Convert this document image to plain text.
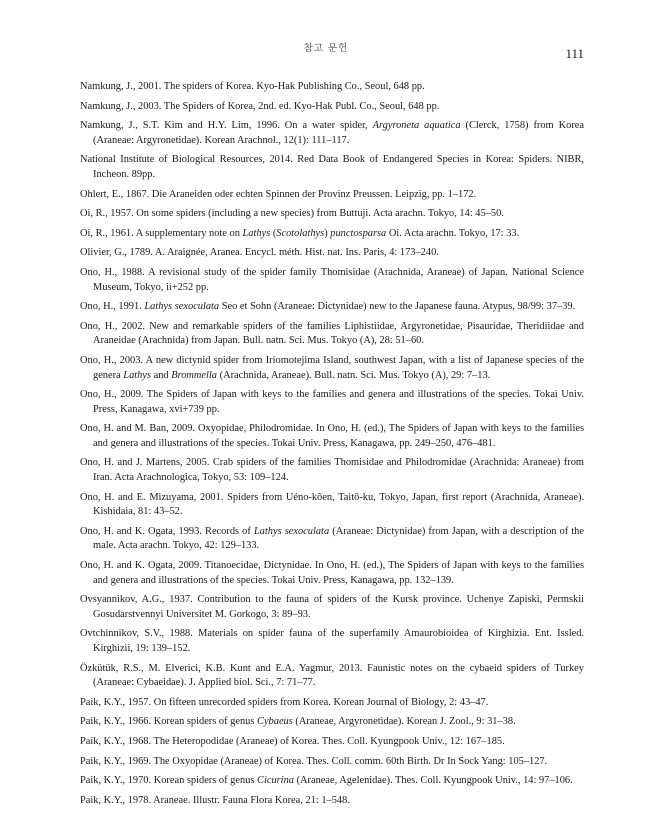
참고 문헌	111
Namkung, J., 2001. The spiders of Korea. Kyo-Hak Publishing Co., Seoul, 648 pp.
Namkung, J., 2003. The Spiders of Korea, 2nd. ed. Kyo-Hak Publ. Co., Seoul, 648 pp.
Namkung, J., S.T. Kim and H.Y. Lim, 1996. On a water spider, Argyroneta aquatica (Clerck, 1758) from Korea (Araneae: Argyronetidae). Korean Arachnol., 12(1): 111–117.
National Institute of Biological Resources, 2014. Red Data Book of Endangered Species in Korea: Spiders. NIBR, Incheon. 89pp.
Ohlert, E., 1867. Die Araneiden oder echten Spinnen der Provinz Preussen. Leipzig, pp. 1–172.
Oi, R., 1957. On some spiders (including a new species) from Buttuji. Acta arachn. Tokyo, 14: 45–50.
Oi, R., 1961. A supplementary note on Lathys (Scotolathys) punctosparsa Oi. Acta arachn. Tokyo, 17: 33.
Olivier, G., 1789. A. Araignée, Aranea. Encycl. méth. Hist. nat. Ins. Paris, 4: 173–240.
Ono, H., 1988. A revisional study of the spider family Thomisidae (Arachnida, Araneae) of Japan. National Science Museum, Tokyo, ii+252 pp.
Ono, H., 1991. Lathys sexoculata Seo et Sohn (Araneae: Dictynidae) new to the Japanese fauna. Atypus, 98/99: 37–39.
Ono, H., 2002. New and remarkable spiders of the families Liphistiidae, Argyronetidae, Pisauridae, Theridiidae and Araneidae (Arachnida) from Japan. Bull. natn. Sci. Mus. Tokyo (A), 28: 51–60.
Ono, H., 2003. A new dictynid spider from Iriomotejima Island, southwest Japan, with a list of Japanese species of the genera Lathys and Brommella (Arachnida, Araneae). Bull. natn. Sci. Mus. Tokyo (A), 29: 7–13.
Ono, H., 2009. The Spiders of Japan with keys to the families and genera and illustrations of the species. Tokai Univ. Press, Kanagawa, xvi+739 pp.
Ono, H. and M. Ban, 2009. Oxyopidae, Philodromidae. In Ono, H. (ed.), The Spiders of Japan with keys to the families and genera and illustrations of the species. Tokai Univ. Press, Kanagawa, pp. 249–250, 476–481.
Ono, H. and J. Martens, 2005. Crab spiders of the families Thomisidae and Philodromidae (Arachnida: Araneae) from Iran. Acta Arachnologica, Tokyo, 53: 109–124.
Ono, H. and E. Mizuyama, 2001. Spiders from Uéno-kôen, Taitô-ku, Tokyo, Japan, first report (Arachnida, Araneae). Kishidaia, 81: 43–52.
Ono, H. and K. Ogata, 1993. Records of Lathys sexoculata (Araneae: Dictynidae) from Japan, with a description of the male. Acta arachn. Tokyo, 42: 129–133.
Ono, H. and K. Ogata, 2009. Titanoecidae, Dictynidae. In Ono, H. (ed.), The Spiders of Japan with keys to the families and genera and illustrations of the species. Tokai Univ. Press, Kanagawa, pp. 132–139.
Ovsyannikov, A.G., 1937. Contribution to the fauna of spiders of the Kursk province. Uchenye Zapiski, Permskii Gosudarstvennyi Universitet M. Gorkogo, 3: 89–93.
Ovtchinnikov, S.V., 1988. Materials on spider fauna of the superfamily Amaurobioidea of Kirghizia. Ent. Issled. Kirghizii, 19: 139–152.
Özkütük, R.S., M. Elverici, K.B. Kunt and E.A. Yagmur, 2013. Faunistic notes on the cybaeid spiders of Turkey (Araneae: Cybaeidae). J. Applied biol. Sci., 7: 71–77.
Paik, K.Y., 1957. On fifteen unrecorded spiders from Korea. Korean Journal of Biology, 2: 43–47.
Paik, K.Y., 1966. Korean spiders of genus Cybaeus (Araneae, Argyronetidae). Korean J. Zool., 9: 31–38.
Paik, K.Y., 1968. The Heteropodidae (Araneae) of Korea. Thes. Coll. Kyungpook Univ., 12: 167–185.
Paik, K.Y., 1969. The Oxyopidae (Araneae) of Korea. Thes. Coll. comm. 60th Birth. Dr In Sock Yang: 105–127.
Paik, K.Y., 1970. Korean spiders of genus Cicurina (Araneae, Agelenidae). Thes. Coll. Kyungpook Univ., 14: 97–106.
Paik, K.Y., 1978. Araneae. Illustr. Fauna Flora Korea, 21: 1–548.
